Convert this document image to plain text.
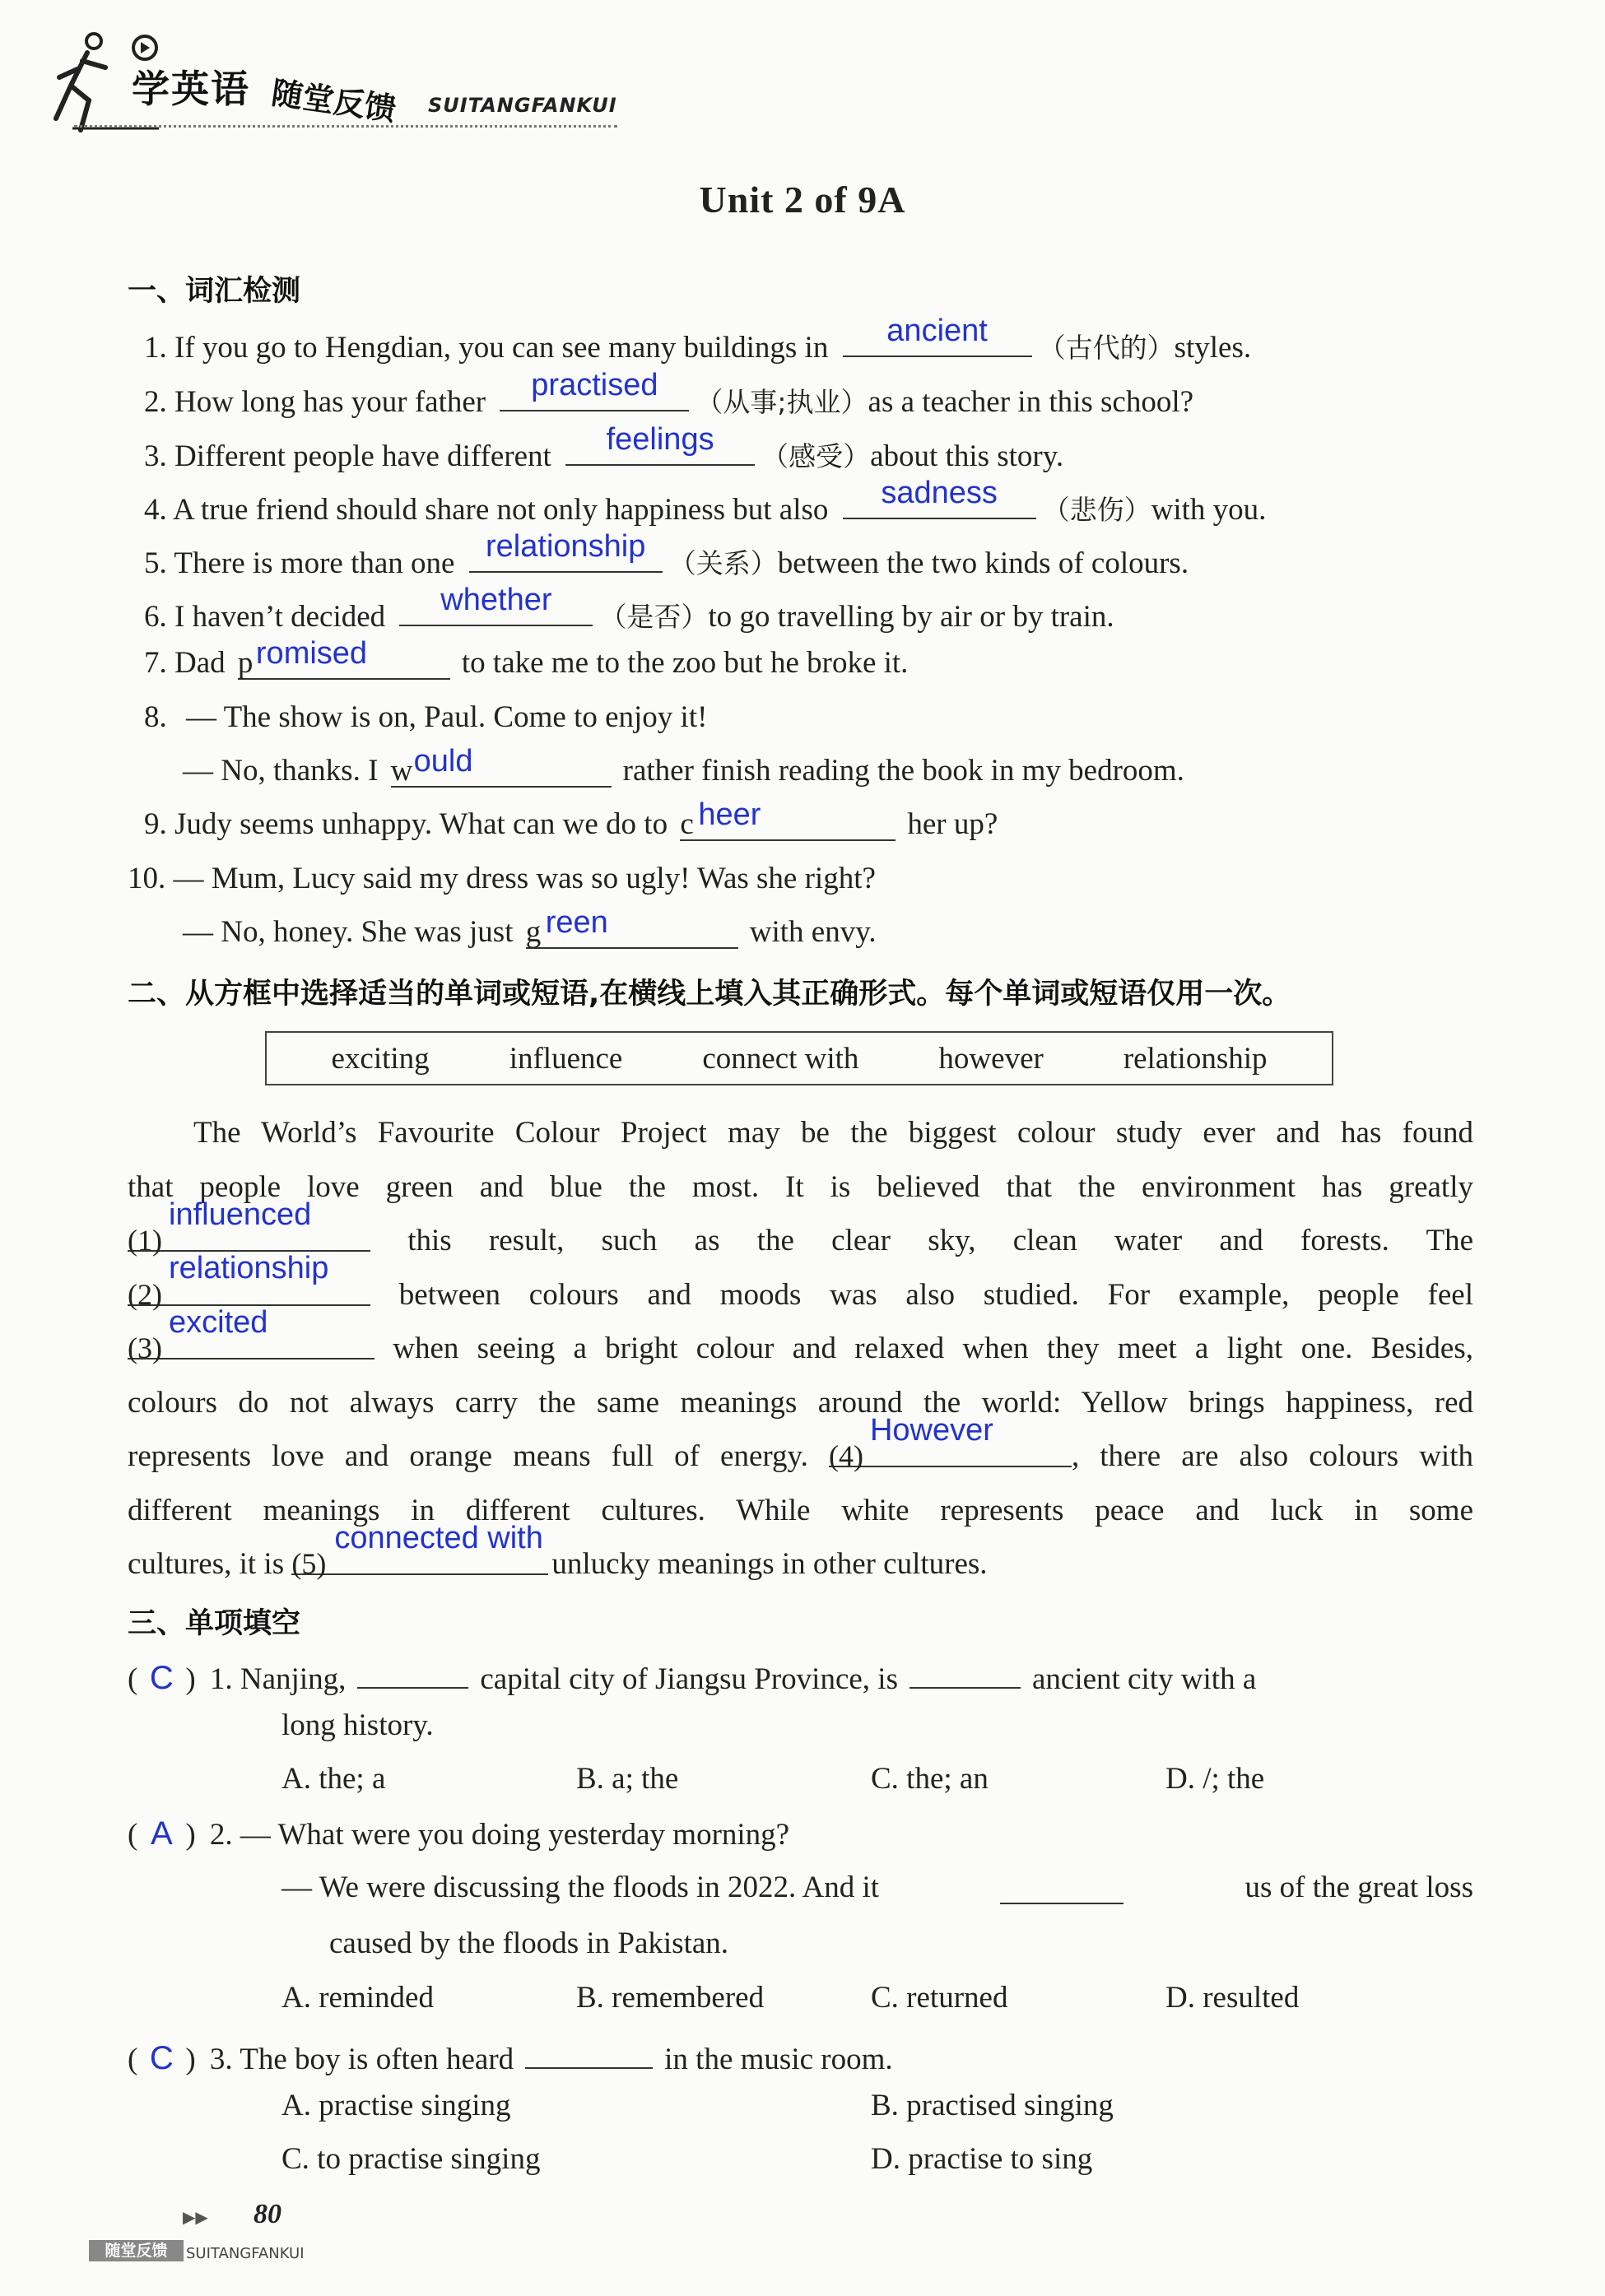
学英语 随堂反馈 SUITANGFANKUI
Unit 2 of 9A
一、词汇检测
1. If you go to Hengdian, you can see many buildings in	ancient	（古代的）styles.
2. How long has your father	practised	（从事;执业）as a teacher in this school?
3. Different people have different	feelings	（感受）about this story.
4. A true friend should share not only happiness but also	sadness	（悲伤）with you.
5. There is more than one relationship （关系）between the two kinds of colours.
6. I haven’t decided	whether	（是否）to go travelling by air or by train.
7. Dad p romised	to take me to the zoo but he broke it.
8. — The show is on, Paul. Come to enjoy it!
— No, thanks. I w ould	rather finish reading the book in my bedroom.
9. Judy seems unhappy. What can we do to c heer	her up?
10. — Mum, Lucy said my dress was so ugly! Was she right?
— No, honey. She was just g reen	with envy.
二、从方框中选择适当的单词或短语,在横线上填入其正确形式。每个单词或短语仅用一次。
exciting	influence	connect with	however	relationship
The World’s Favourite Colour Project may be the biggest colour study ever and has found
that people love green and blue the most. It is believed that the environment has greatly
(1)
influenced
this result, such as the clear sky, clean water and forests. The
(2)
relationship
between colours and moods was also studied. For example, people feel
(3)
excited
when seeing a bright colour and relaxed when they meet a light one. Besides,
colours do not always carry the same meanings around the world: Yellow brings happiness, red
represents love and orange means full of energy. (4)
However
, there are also colours with
different meanings in different cultures. While white represents peace and luck in some
cultures, it is (5)
connected with
unlucky meanings in other cultures.
三、单项填空
( C ) 1. Nanjing,	capital city of Jiangsu Province, is	ancient city with a
long history.
A. the; a	B. a; the	C. the; an	D. /; the
( A ) 2. — What were you doing yesterday morning?
— We were discussing the floods in 2022. And it	us of the great loss
caused by the floods in Pakistan.
A. reminded	B. remembered	C. returned	D. resulted
( C ) 3. The boy is often heard	in the music room.
A. practise singing	B. practised singing
C. to practise singing	D. practise to sing
▶▶ 80
随堂反馈	SUITANGFANKUI
